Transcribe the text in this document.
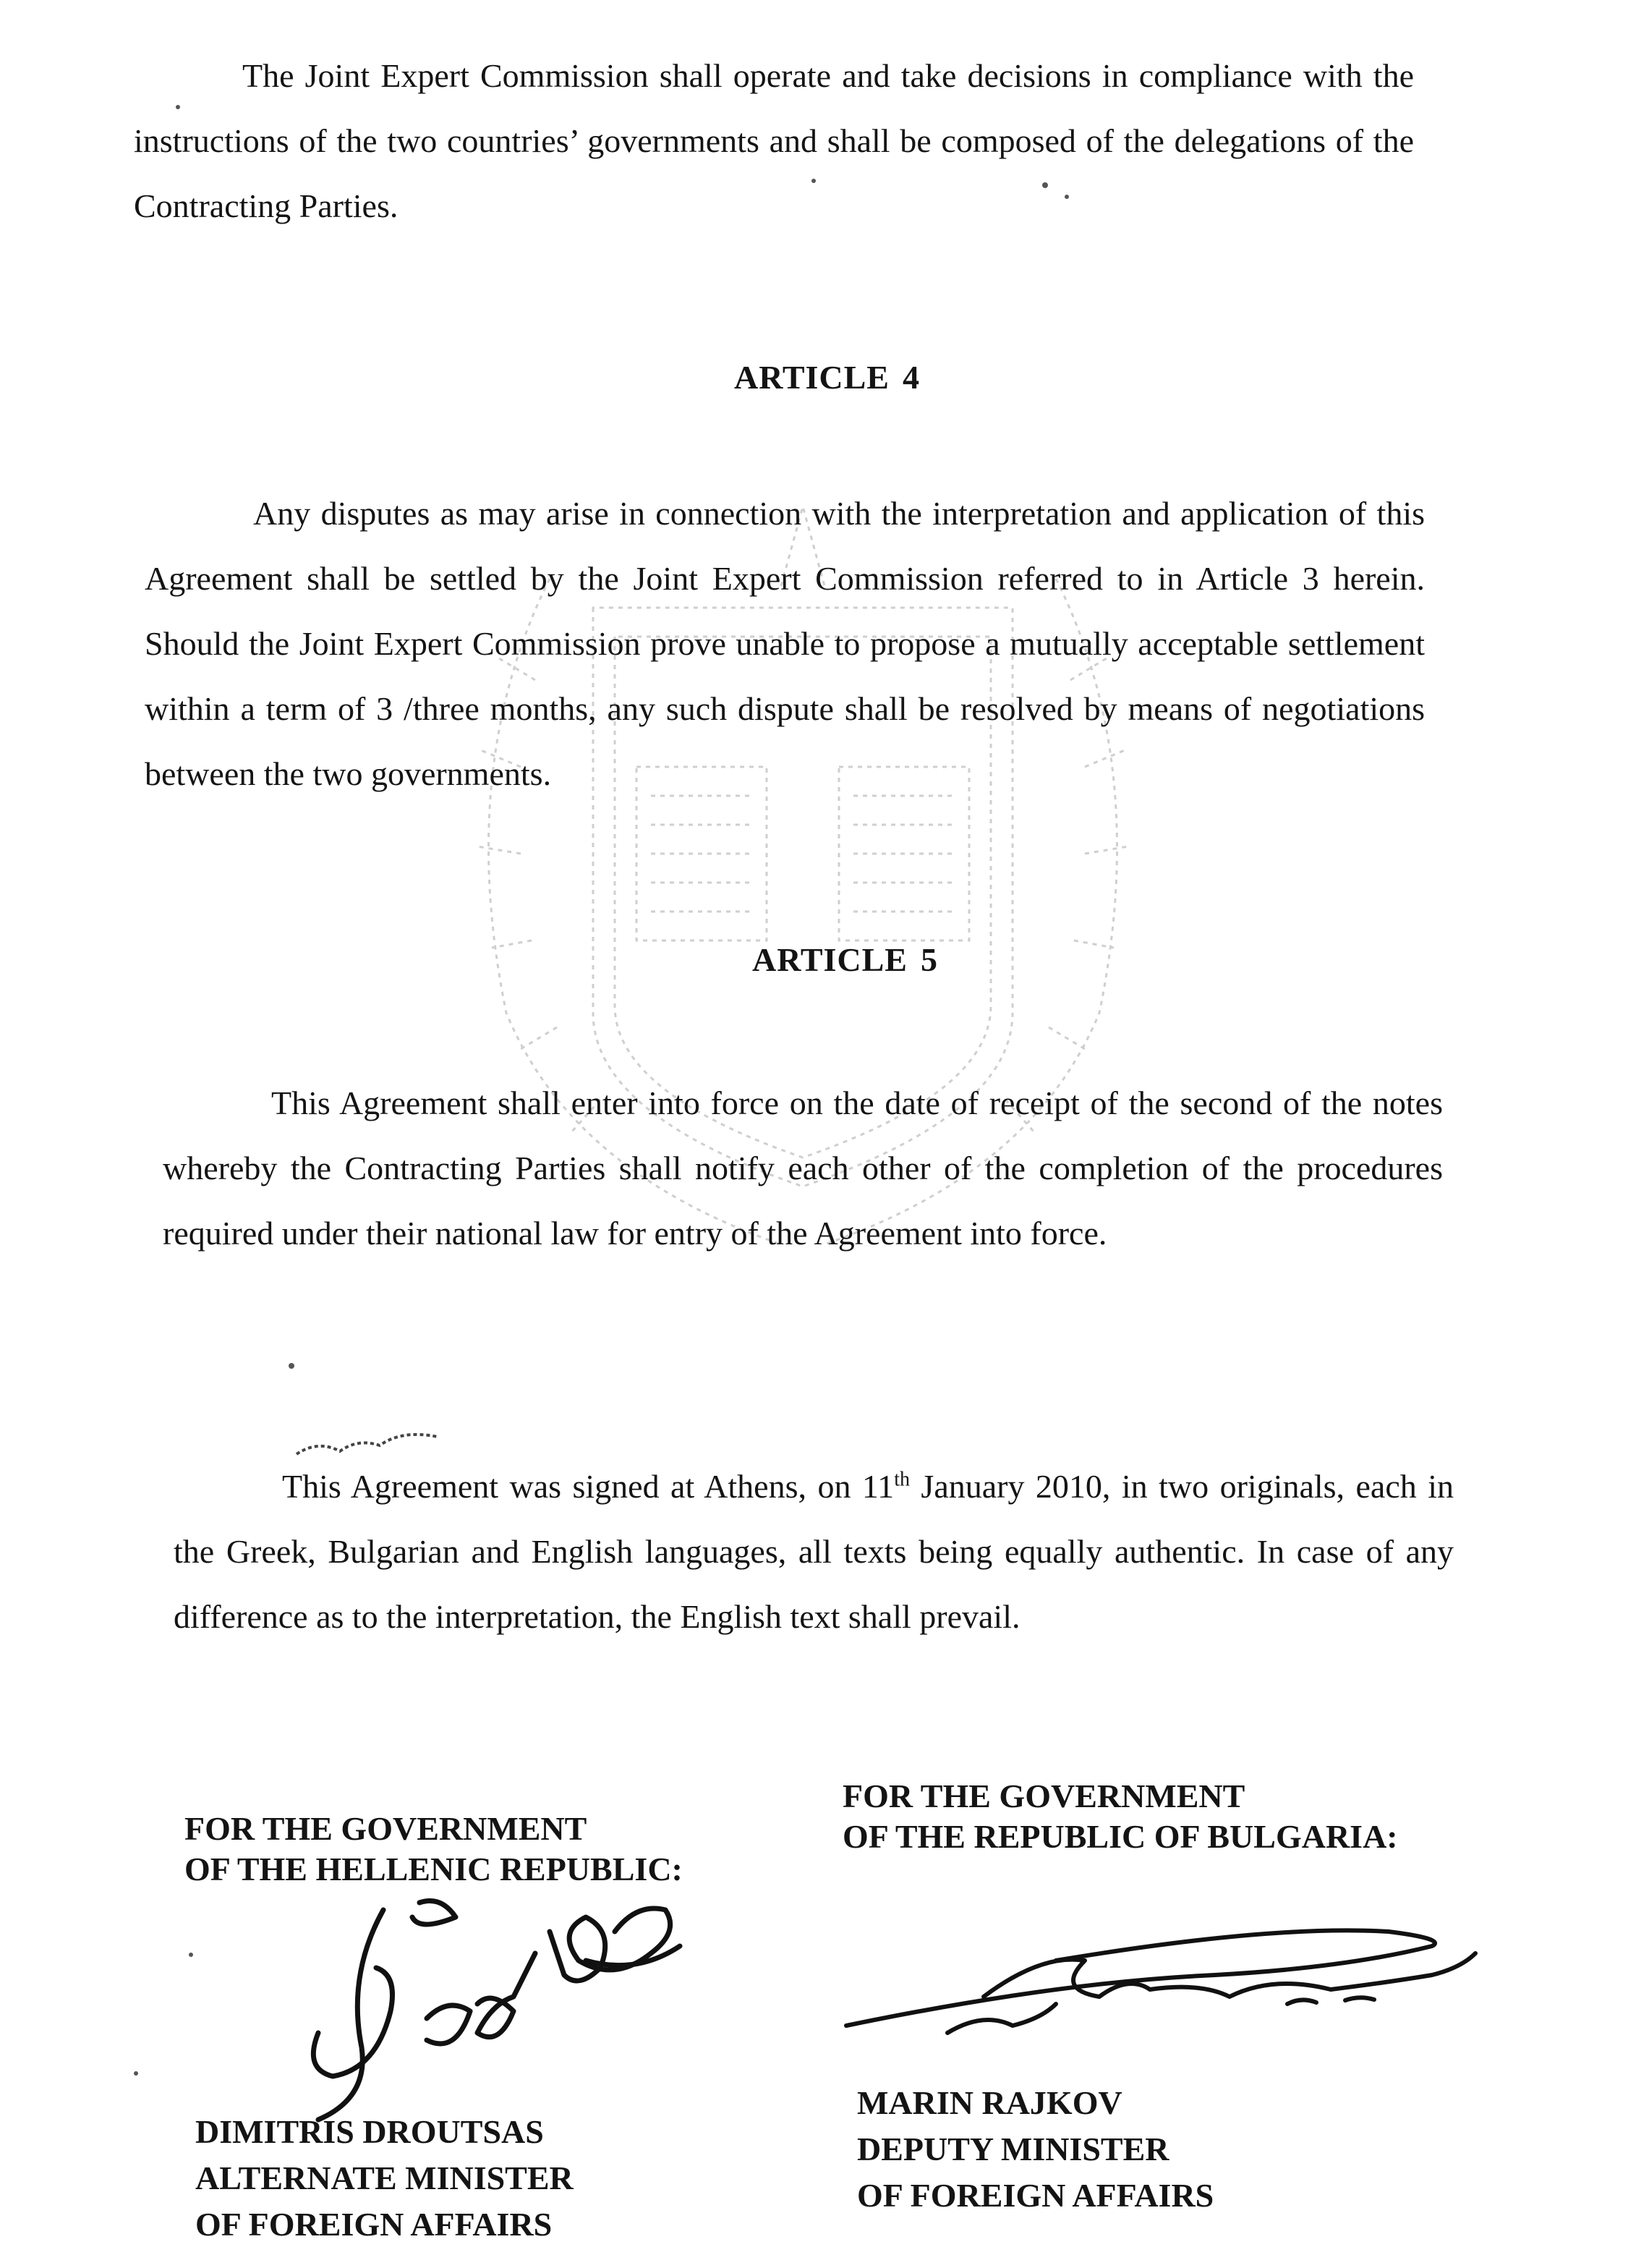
The Joint Expert Commission shall operate and take decisions in compliance with the instructions of the two countries’ governments and shall be composed of the delegations of the Contracting Parties.
ARTICLE 4
Any disputes as may arise in connection with the interpretation and application of this Agreement shall be settled by the Joint Expert Commission referred to in Article 3 herein. Should the Joint Expert Commission prove unable to propose a mutually acceptable settlement within a term of 3 /three months, any such dispute shall be resolved by means of negotiations between the two governments.
ARTICLE 5
This Agreement shall enter into force on the date of receipt of the second of the notes whereby the Contracting Parties shall notify each other of the completion of the procedures required under their national law for entry of the Agreement into force.
This Agreement was signed at Athens, on 11th January 2010, in two originals, each in the Greek, Bulgarian and English languages, all texts being equally authentic. In case of any difference as to the interpretation, the English text shall prevail.
FOR THE GOVERNMENT
OF THE HELLENIC REPUBLIC:
FOR THE GOVERNMENT
OF THE REPUBLIC OF BULGARIA:
DIMITRIS DROUTSAS
ALTERNATE MINISTER
OF FOREIGN AFFAIRS
MARIN RAJKOV
DEPUTY MINISTER
OF FOREIGN AFFAIRS
